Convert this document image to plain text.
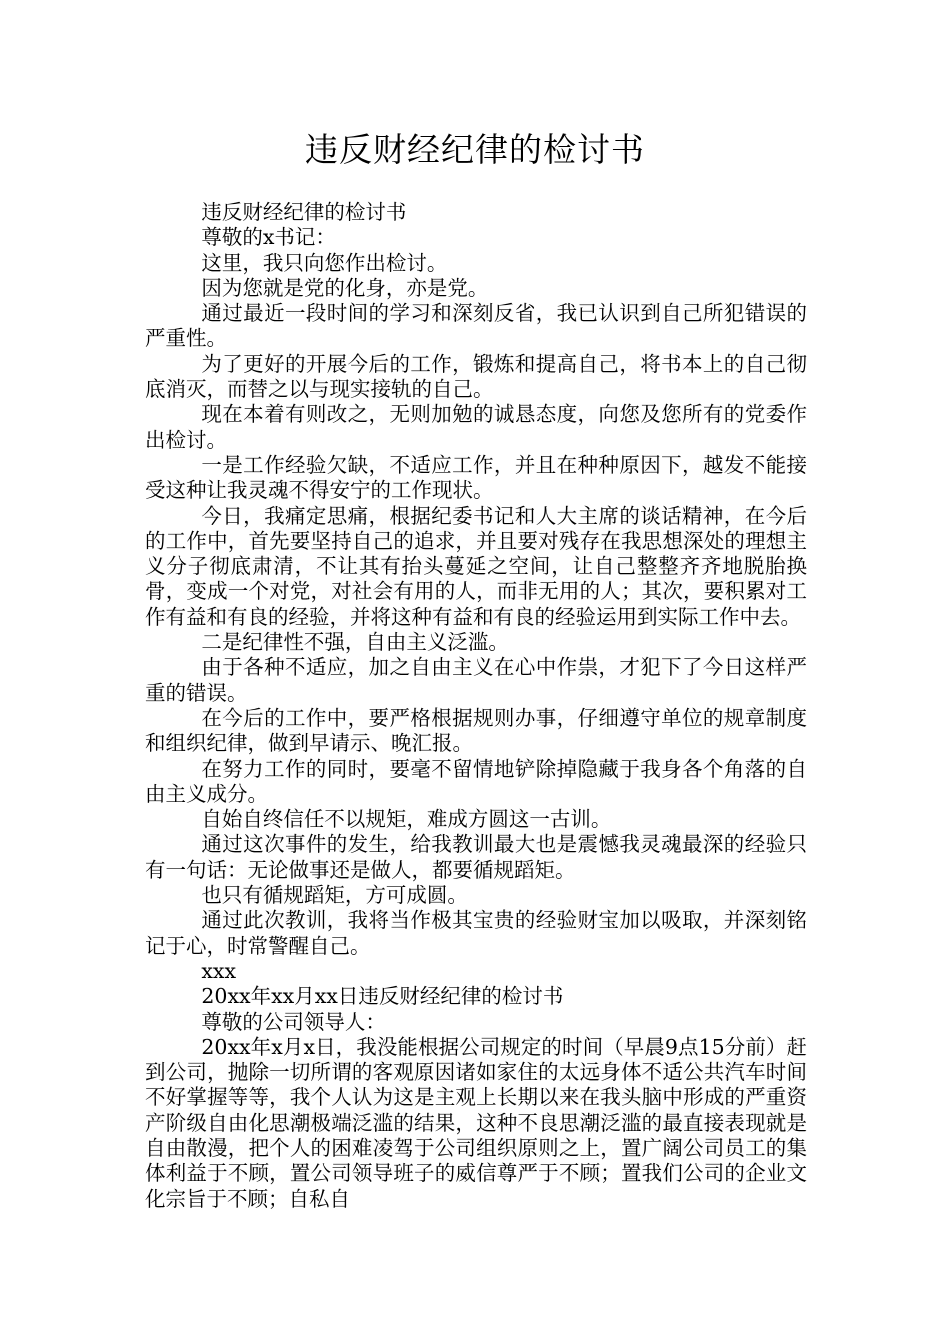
违反财经纪律的检讨书

违反财经纪律的检讨书

尊敬的x书记：

这里，我只向您作出检讨。

因为您就是党的化身，亦是党。

通过最近一段时间的学习和深刻反省，我已认识到自己所犯错误的严重性。

为了更好的开展今后的工作，锻炼和提高自己，将书本上的自己彻底消灭，而替之以与现实接轨的自己。

现在本着有则改之，无则加勉的诚恳态度，向您及您所有的党委作出检讨。

一是工作经验欠缺，不适应工作，并且在种种原因下，越发不能接受这种让我灵魂不得安宁的工作现状。

今日，我痛定思痛，根据纪委书记和人大主席的谈话精神，在今后的工作中，首先要坚持自己的追求，并且要对残存在我思想深处的理想主义分子彻底肃清，不让其有抬头蔓延之空间，让自己整整齐齐地脱胎换骨，变成一个对党，对社会有用的人，而非无用的人；其次，要积累对工作有益和有良的经验，并将这种有益和有良的经验运用到实际工作中去。

二是纪律性不强，自由主义泛滥。

由于各种不适应，加之自由主义在心中作祟，才犯下了今日这样严重的错误。

在今后的工作中，要严格根据规则办事，仔细遵守单位的规章制度和组织纪律，做到早请示、晚汇报。

在努力工作的同时，要毫不留情地铲除掉隐藏于我身各个角落的自由主义成分。

自始自终信任不以规矩，难成方圆这一古训。

通过这次事件的发生，给我教训最大也是震憾我灵魂最深的经验只有一句话：无论做事还是做人，都要循规蹈矩。

也只有循规蹈矩，方可成圆。

通过此次教训，我将当作极其宝贵的经验财宝加以吸取，并深刻铭记于心，时常警醒自己。

xxx

20xx年xx月xx日违反财经纪律的检讨书

尊敬的公司领导人：

20xx年x月x日，我没能根据公司规定的时间（早晨9点15分前）赶到公司，抛除一切所谓的客观原因诸如家住的太远身体不适公共汽车时间不好掌握等等，我个人认为这是主观上长期以来在我头脑中形成的严重资产阶级自由化思潮极端泛滥的结果，这种不良思潮泛滥的最直接表现就是自由散漫，把个人的困难凌驾于公司组织原则之上，置广阔公司员工的集体利益于不顾，置公司领导班子的威信尊严于不顾；置我们公司的企业文化宗旨于不顾；自私自
